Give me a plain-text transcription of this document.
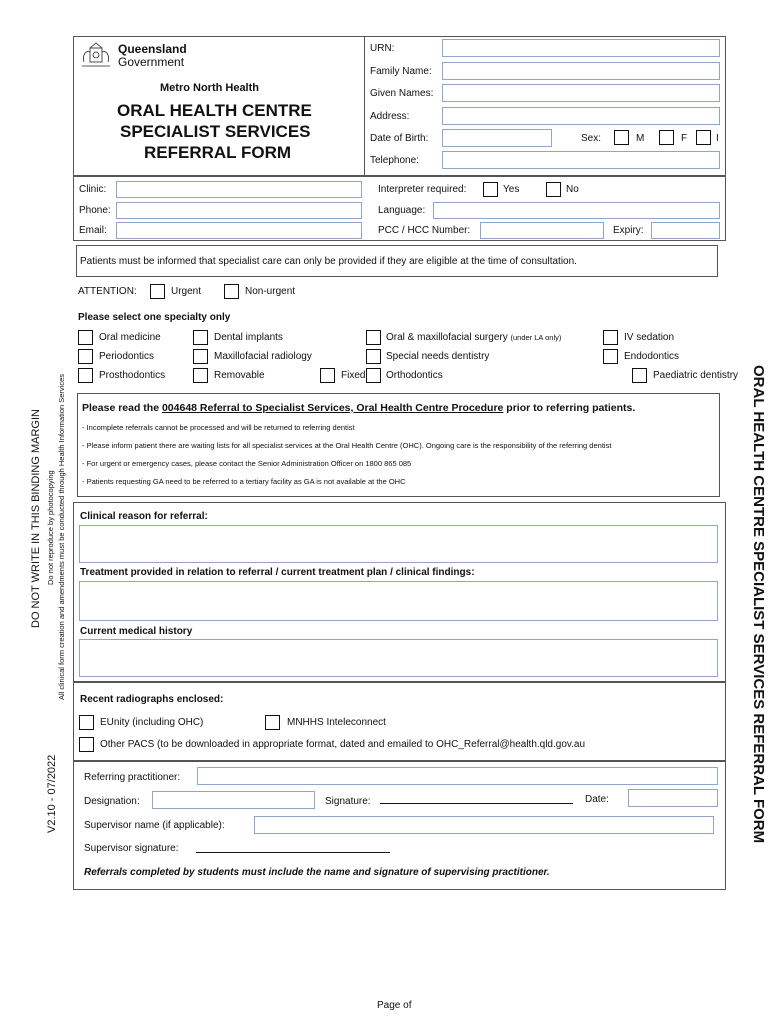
DO NOT WRITE IN THIS BINDING MARGIN Do not reproduce by photocopying All clinical form creation and amendments must be conducted through Health Information Services
V2.10 - 07/2022	ORAL HEALTH CENTRE SPECIALIST SERVICES REFERRAL FORM
Queensland
Government
Metro North Health
ORAL HEALTH CENTRE
SPECIALIST SERVICES
REFERRAL FORM
URN:
Family Name:
Given Names:
Address:
Date of Birth:	Sex:	M	F	I
Telephone:
Clinic:
Phone:
Email:
Interpreter required:	Yes	No
Language:
PCC / HCC Number:	Expiry:
Patients must be informed that specialist care can only be provided if they are eligible at the time of consultation.
ATTENTION:	Urgent	Non-urgent
Please select one specialty only
Oral medicine	Dental implants	Oral & maxillofacial surgery (under LA only)	IV sedation
Periodontics	Maxillofacial radiology	Special needs dentistry	Endodontics
Prosthodontics	Removable	Fixed Orthodontics	Paediatric dentistry
Please read the 004648 Referral to Specialist Services, Oral Health Centre Procedure prior to referring patients.
- Incomplete referrals cannot be processed and will be returned to referring dentist
- Please inform patient there are waiting lists for all specialist services at the Oral Health Centre (OHC). Ongoing care is the responsibility of the referring dentist
- For urgent or emergency cases, please contact the Senior Administration Officer on 1800 865 085
- Patients requesting GA need to be referred to a tertiary facility as GA is not available at the OHC
Clinical reason for referral:
Treatment provided in relation to referral / current treatment plan / clinical findings:
Current medical history
Recent radiographs enclosed:
EUnity (including OHC)	MNHHS Inteleconnect
Other PACS (to be downloaded in appropriate format, dated and emailed to OHC_Referral@health.qld.gov.au
Referring practitioner:
Designation:	Signature:	Date:
Supervisor name (if applicable):
Supervisor signature:
Referrals completed by students must include the name and signature of supervising practitioner.
Page of
